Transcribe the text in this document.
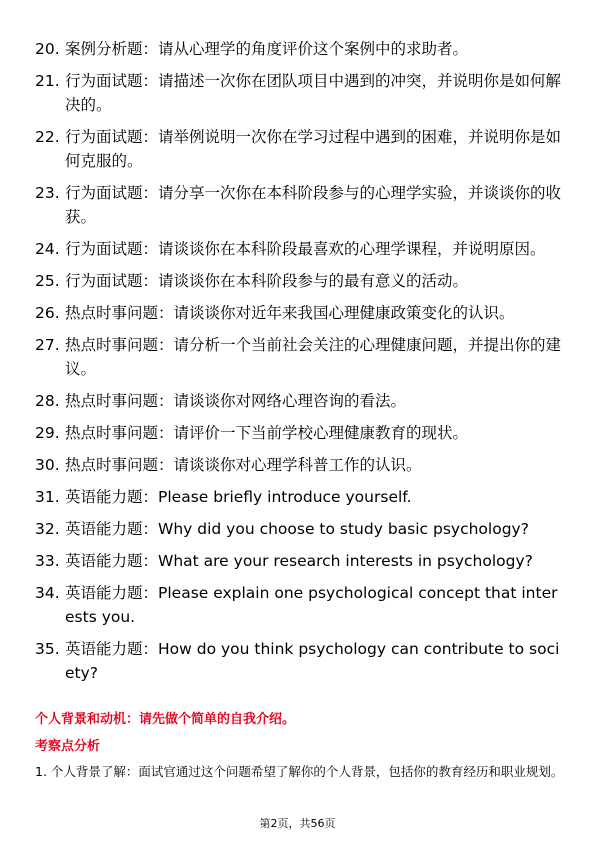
20. 案例分析题：请从心理学的角度评价这个案例中的求助者。
21. 行为面试题：请描述一次你在团队项目中遇到的冲突，并说明你是如何解决的。
22. 行为面试题：请举例说明一次你在学习过程中遇到的困难，并说明你是如何克服的。
23. 行为面试题：请分享一次你在本科阶段参与的心理学实验，并谈谈你的收获。
24. 行为面试题：请谈谈你在本科阶段最喜欢的心理学课程，并说明原因。
25. 行为面试题：请谈谈你在本科阶段参与的最有意义的活动。
26. 热点时事问题：请谈谈你对近年来我国心理健康政策变化的认识。
27. 热点时事问题：请分析一个当前社会关注的心理健康问题，并提出你的建议。
28. 热点时事问题：请谈谈你对网络心理咨询的看法。
29. 热点时事问题：请评价一下当前学校心理健康教育的现状。
30. 热点时事问题：请谈谈你对心理学科普工作的认识。
31. 英语能力题：Please briefly introduce yourself.
32. 英语能力题：Why did you choose to study basic psychology?
33. 英语能力题：What are your research interests in psychology?
34. 英语能力题：Please explain one psychological concept that interests you.
35. 英语能力题：How do you think psychology can contribute to society?
个人背景和动机：请先做个简单的自我介绍。
考察点分析

1. 个人背景了解：面试官通过这个问题希望了解你的个人背景，包括你的教育经历和职业规划。

第2页，共56页
